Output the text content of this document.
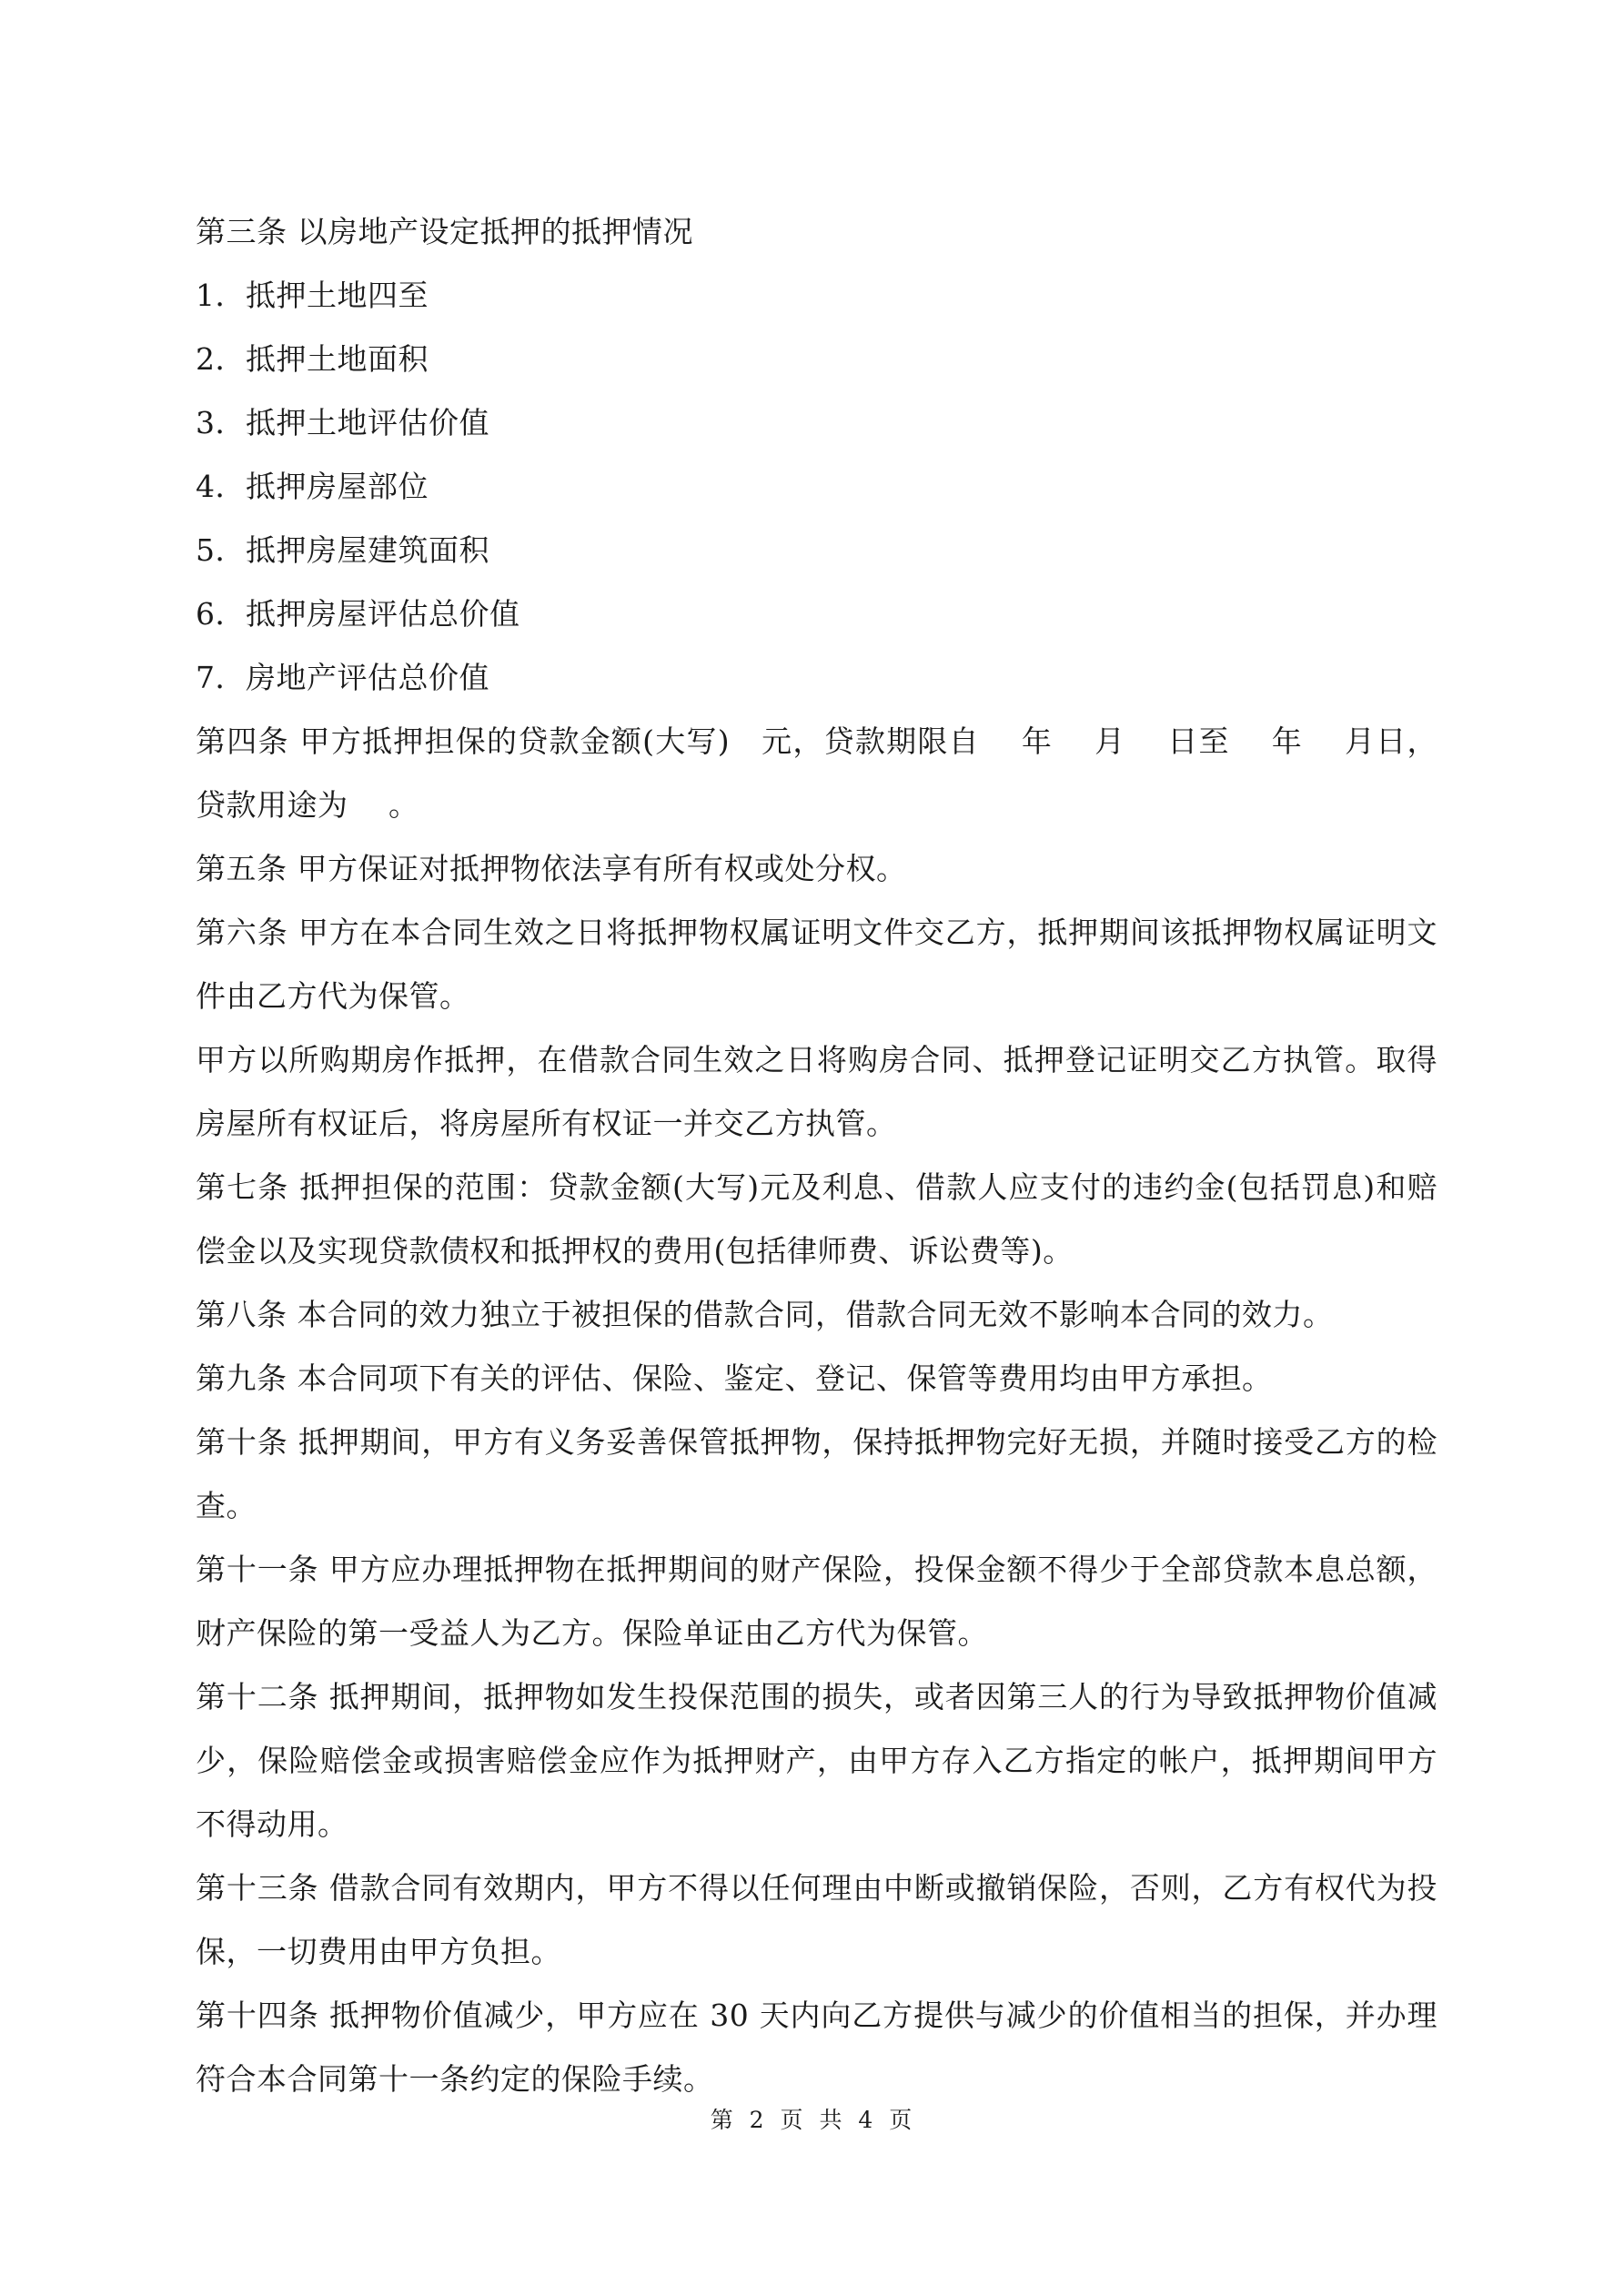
第三条 以房地产设定抵押的抵押情况

1．抵押土地四至

2．抵押土地面积

3．抵押土地评估价值

4．抵押房屋部位

5．抵押房屋建筑面积

6．抵押房屋评估总价值

7．房地产评估总价值

第四条 甲方抵押担保的贷款金额(大写)　元，贷款期限自　 年　 月　 日至　 年　 月日，贷款用途为　 。

第五条 甲方保证对抵押物依法享有所有权或处分权。

第六条 甲方在本合同生效之日将抵押物权属证明文件交乙方，抵押期间该抵押物权属证明文件由乙方代为保管。

甲方以所购期房作抵押，在借款合同生效之日将购房合同、抵押登记证明交乙方执管。取得房屋所有权证后，将房屋所有权证一并交乙方执管。

第七条 抵押担保的范围：贷款金额(大写)元及利息、借款人应支付的违约金(包括罚息)和赔偿金以及实现贷款债权和抵押权的费用(包括律师费、诉讼费等)。

第八条 本合同的效力独立于被担保的借款合同，借款合同无效不影响本合同的效力。

第九条 本合同项下有关的评估、保险、鉴定、登记、保管等费用均由甲方承担。

第十条 抵押期间，甲方有义务妥善保管抵押物，保持抵押物完好无损，并随时接受乙方的检查。

第十一条 甲方应办理抵押物在抵押期间的财产保险，投保金额不得少于全部贷款本息总额，财产保险的第一受益人为乙方。保险单证由乙方代为保管。

第十二条 抵押期间，抵押物如发生投保范围的损失，或者因第三人的行为导致抵押物价值减少，保险赔偿金或损害赔偿金应作为抵押财产，由甲方存入乙方指定的帐户，抵押期间甲方不得动用。

第十三条 借款合同有效期内，甲方不得以任何理由中断或撤销保险，否则，乙方有权代为投保，一切费用由甲方负担。

第十四条 抵押物价值减少，甲方应在 30 天内向乙方提供与减少的价值相当的担保，并办理符合本合同第十一条约定的保险手续。

第 2 页 共 4 页
